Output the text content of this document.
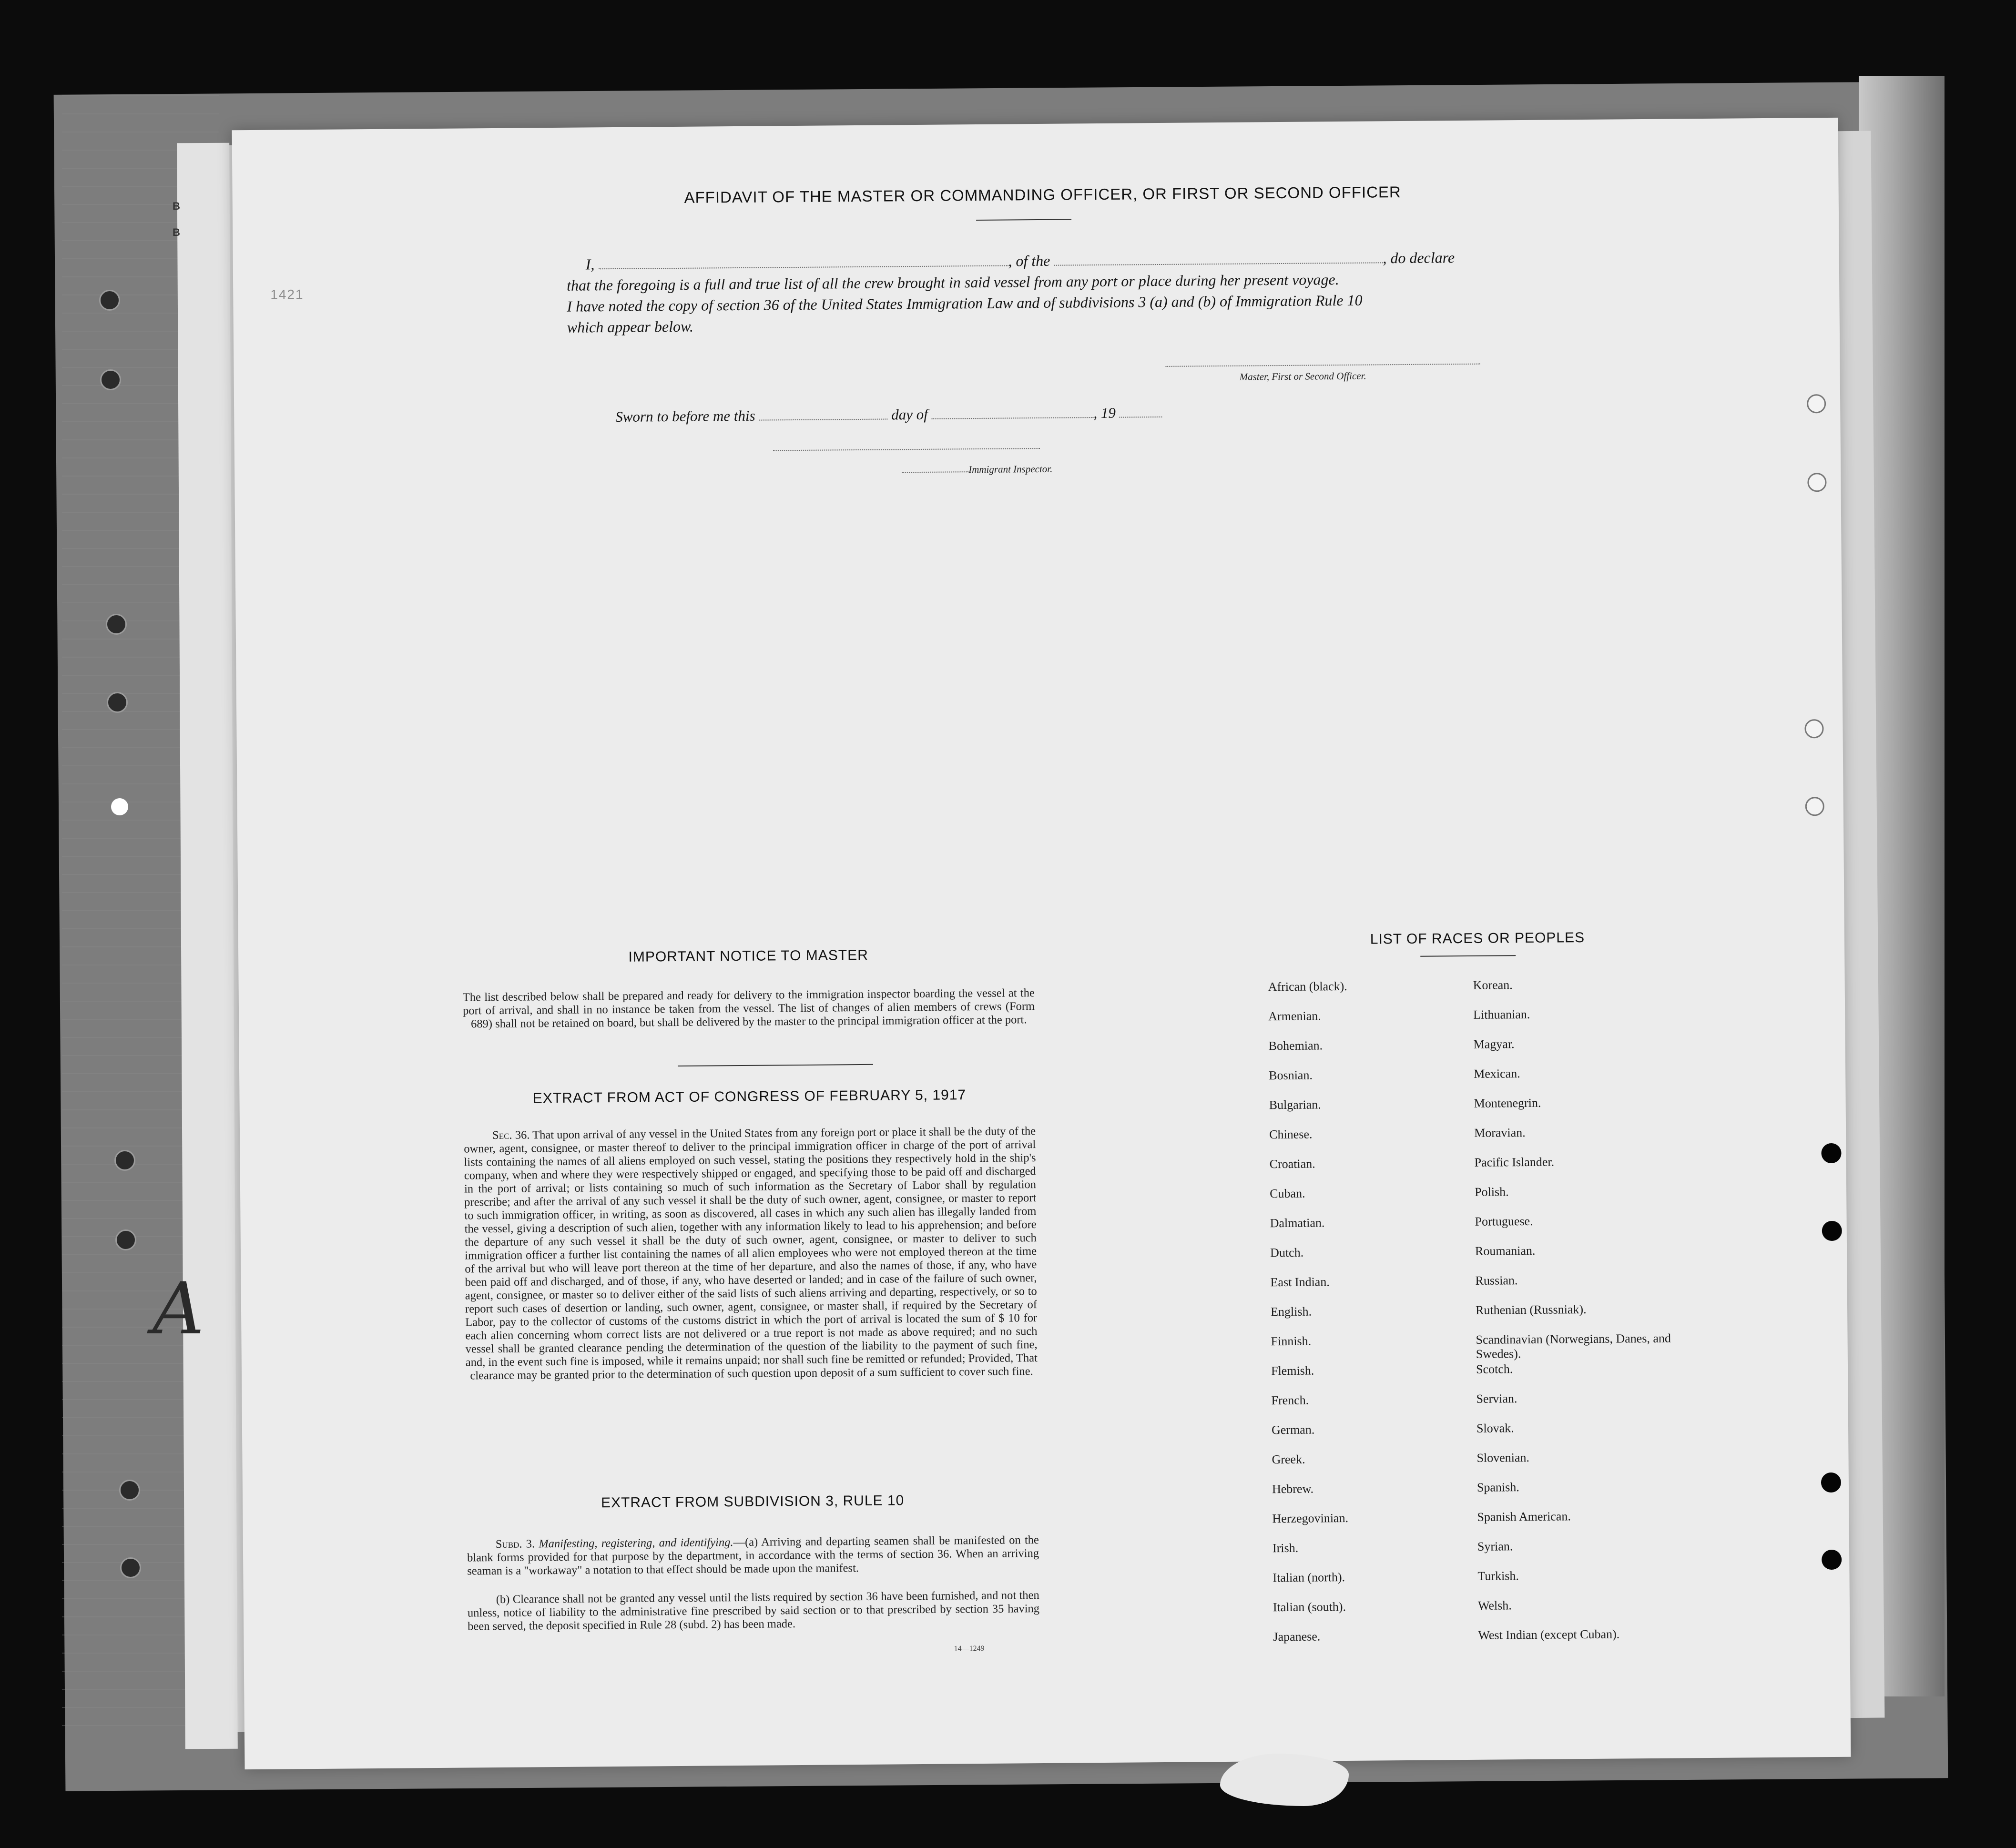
A
B
B
1421
AFFIDAVIT OF THE MASTER OR COMMANDING OFFICER, OR FIRST OR SECOND OFFICER
I,	, of the	, do declare
that the foregoing is a full and true list of all the crew brought in said vessel from any port or place during her present voyage.
I have noted the copy of section 36 of the United States Immigration Law and of subdivisions 3 (a) and (b) of Immigration Rule 10
which appear below.
Master, First or Second Officer.
Sworn to before me this	day of	, 19
Immigrant Inspector.
IMPORTANT NOTICE TO MASTER
The list described below shall be prepared and ready for delivery to the immigration inspector boarding the vessel at the port of arrival, and shall in no instance be taken from the vessel. The list of changes of alien members of crews (Form 689) shall not be retained on board, but shall be delivered by the master to the principal immigration officer at the port.
EXTRACT FROM ACT OF CONGRESS OF FEBRUARY 5, 1917
Sec. 36. That upon arrival of any vessel in the United States from any foreign port or place it shall be the duty of the owner, agent, consignee, or master thereof to deliver to the principal immigration officer in charge of the port of arrival lists containing the names of all aliens employed on such vessel, stating the positions they respectively hold in the ship's company, when and where they were respectively shipped or engaged, and specifying those to be paid off and discharged in the port of arrival; or lists containing so much of such information as the Secretary of Labor shall by regulation prescribe; and after the arrival of any such vessel it shall be the duty of such owner, agent, consignee, or master to report to such immigration officer, in writing, as soon as discovered, all cases in which any such alien has illegally landed from the vessel, giving a description of such alien, together with any information likely to lead to his apprehension; and before the departure of any such vessel it shall be the duty of such owner, agent, consignee, or master to deliver to such immigration officer a further list containing the names of all alien employees who were not employed thereon at the time of the arrival but who will leave port thereon at the time of her departure, and also the names of those, if any, who have been paid off and discharged, and of those, if any, who have deserted or landed; and in case of the failure of such owner, agent, consignee, or master so to deliver either of the said lists of such aliens arriving and departing, respectively, or so to report such cases of desertion or landing, such owner, agent, consignee, or master shall, if required by the Secretary of Labor, pay to the collector of customs of the customs district in which the port of arrival is located the sum of $ 10 for each alien concerning whom correct lists are not delivered or a true report is not made as above required; and no such vessel shall be granted clearance pending the determination of the question of the liability to the payment of such fine, and, in the event such fine is imposed, while it remains unpaid; nor shall such fine be remitted or refunded; Provided, That clearance may be granted prior to the determination of such question upon deposit of a sum sufficient to cover such fine.
EXTRACT FROM SUBDIVISION 3, RULE 10
Subd. 3. Manifesting, registering, and identifying.—(a) Arriving and departing seamen shall be manifested on the blank forms provided for that purpose by the department, in accordance with the terms of section 36. When an arriving seaman is a "workaway" a notation to that effect should be made upon the manifest.
(b) Clearance shall not be granted any vessel until the lists required by section 36 have been furnished, and not then unless, notice of liability to the administrative fine prescribed by said section or to that prescribed by section 35 having been served, the deposit specified in Rule 28 (subd. 2) has been made.
14—1249
LIST OF RACES OR PEOPLES
African (black).
Armenian.
Bohemian.
Bosnian.
Bulgarian.
Chinese.
Croatian.
Cuban.
Dalmatian.
Dutch.
East Indian.
English.
Finnish.
Flemish.
French.
German.
Greek.
Hebrew.
Herzegovinian.
Irish.
Italian (north).
Italian (south).
Japanese.
Korean.
Lithuanian.
Magyar.
Mexican.
Montenegrin.
Moravian.
Pacific Islander.
Polish.
Portuguese.
Roumanian.
Russian.
Ruthenian (Russniak).
Scandinavian (Norwegians, Danes, and Swedes).
Scotch.
Servian.
Slovak.
Slovenian.
Spanish.
Spanish American.
Syrian.
Turkish.
Welsh.
West Indian (except Cuban).
